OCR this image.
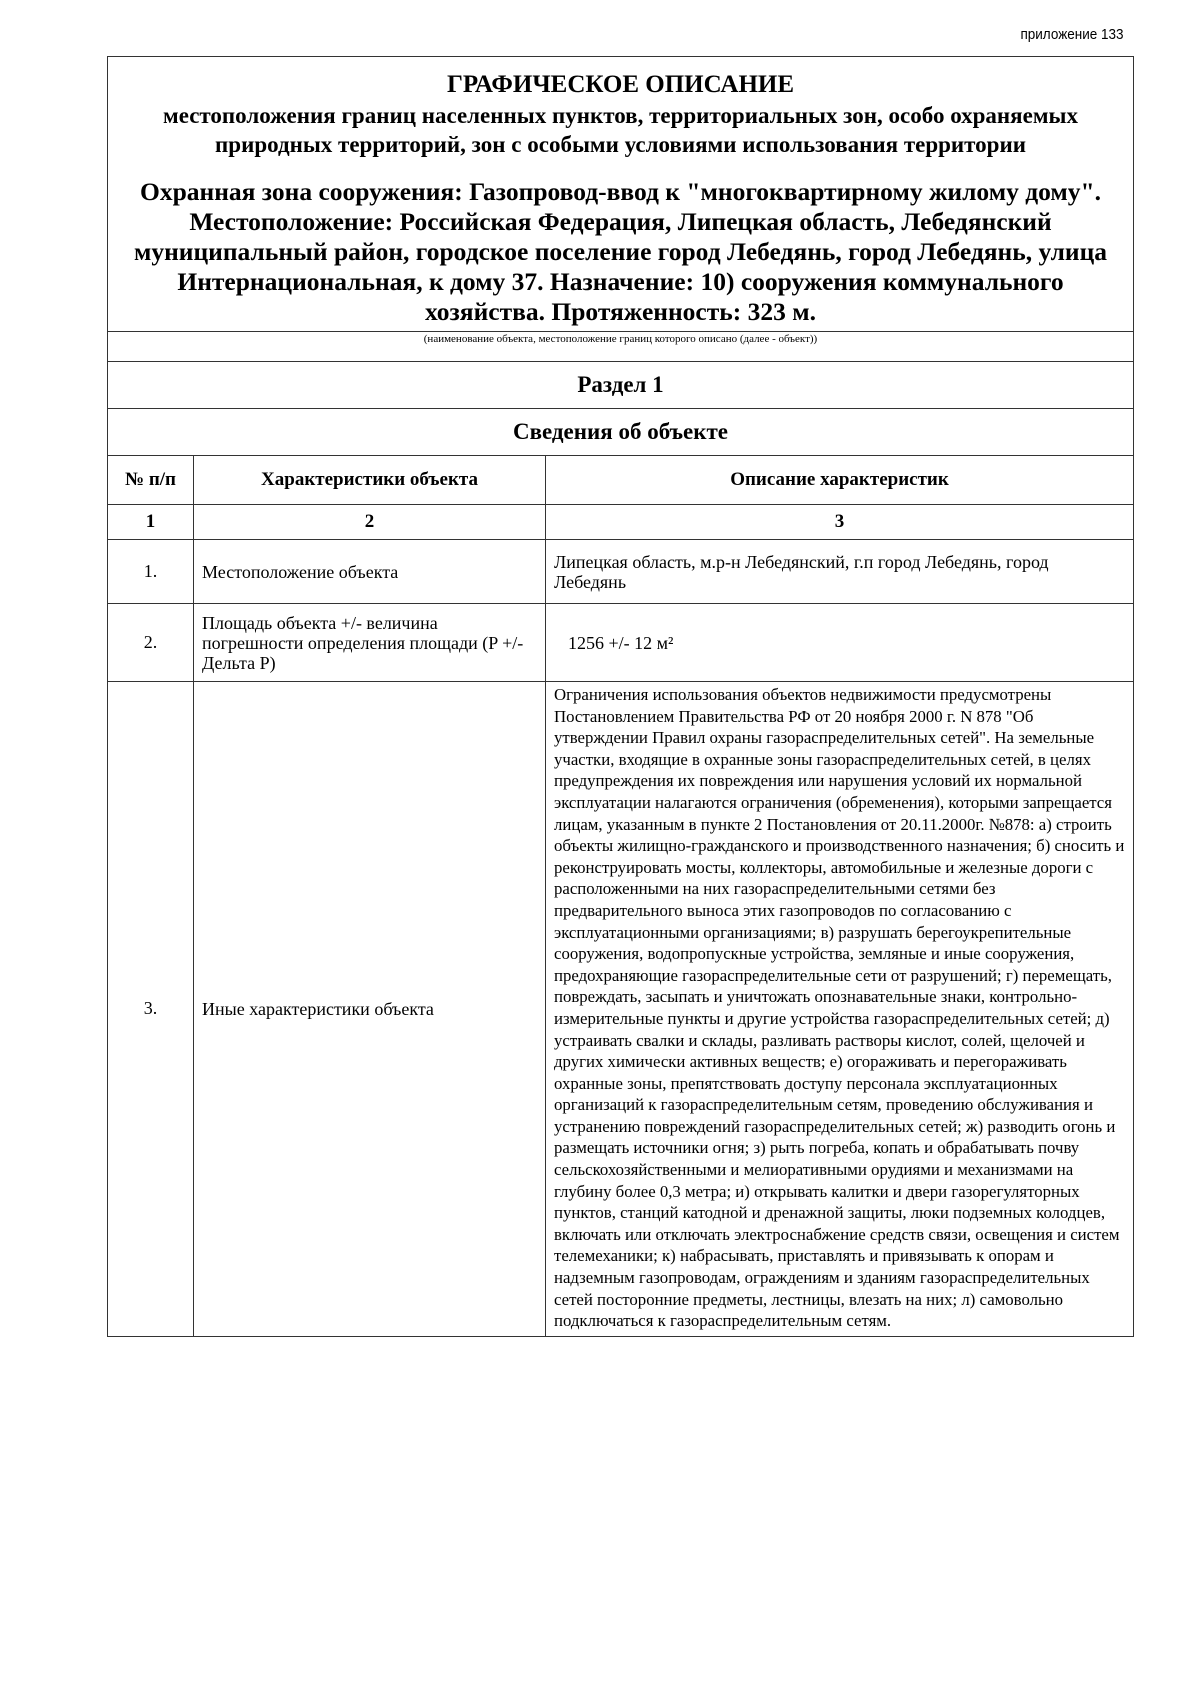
приложение 133
ГРАФИЧЕСКОЕ ОПИСАНИЕ
местоположения границ населенных пунктов, территориальных зон, особо охраняемых природных территорий, зон с особыми условиями использования территории
Охранная зона сооружения: Газопровод-ввод к "многоквартирному жилому дому". Местоположение: Российская Федерация, Липецкая область, Лебедянский муниципальный район, городское поселение город Лебедянь, город Лебедянь, улица Интернациональная, к дому 37. Назначение: 10) сооружения коммунального хозяйства. Протяженность: 323 м.		

(наименование объекта, местоположение границ которого описано (далее - объект))		
Раздел 1		
Сведения об объекте		
№ п/п	Характеристики объекта	Описание характеристик
1	2	3
1.	Местоположение объекта	Липецкая область, м.р-н Лебедянский, г.п город Лебедянь, город Лебедянь
2.	Площадь объекта +/- величина погрешности определения площади (P +/- Дельта P)	1256 +/- 12 м²
3.	Иные характеристики объекта	Ограничения использования объектов недвижимости предусмотрены Постановлением Правительства РФ от 20 ноября 2000 г. N 878 "Об утверждении Правил охраны газораспределительных сетей". На земельные участки, входящие в охранные зоны газораспределительных сетей, в целях предупреждения их повреждения или нарушения условий их нормальной эксплуатации налагаются ограничения (обременения), которыми запрещается лицам, указанным в пункте 2 Постановления от 20.11.2000г. №878: а) строить объекты жилищно-гражданского и производственного назначения; б) сносить и реконструировать мосты, коллекторы, автомобильные и железные дороги с расположенными на них газораспределительными сетями без предварительного выноса этих газопроводов по согласованию с эксплуатационными организациями; в) разрушать берегоукрепительные сооружения, водопропускные устройства, земляные и иные сооружения, предохраняющие газораспределительные сети от разрушений; г) перемещать, повреждать, засыпать и уничтожать опознавательные знаки, контрольно-измерительные пункты и другие устройства газораспределительных сетей; д) устраивать свалки и склады, разливать растворы кислот, солей, щелочей и других химически активных веществ; е) огораживать и перегораживать охранные зоны, препятствовать доступу персонала эксплуатационных организаций к газораспределительным сетям, проведению обслуживания и устранению повреждений газораспределительных сетей; ж) разводить огонь и размещать источники огня; з) рыть погреба, копать и обрабатывать почву сельскохозяйственными и мелиоративными орудиями и механизмами на глубину более 0,3 метра; и) открывать калитки и двери газорегуляторных пунктов, станций катодной и дренажной защиты, люки подземных колодцев, включать или отключать электроснабжение средств связи, освещения и систем телемеханики; к) набрасывать, приставлять и привязывать к опорам и надземным газопроводам, ограждениям и зданиям газораспределительных сетей посторонние предметы, лестницы, влезать на них; л) самовольно подключаться к газораспределительным сетям.
